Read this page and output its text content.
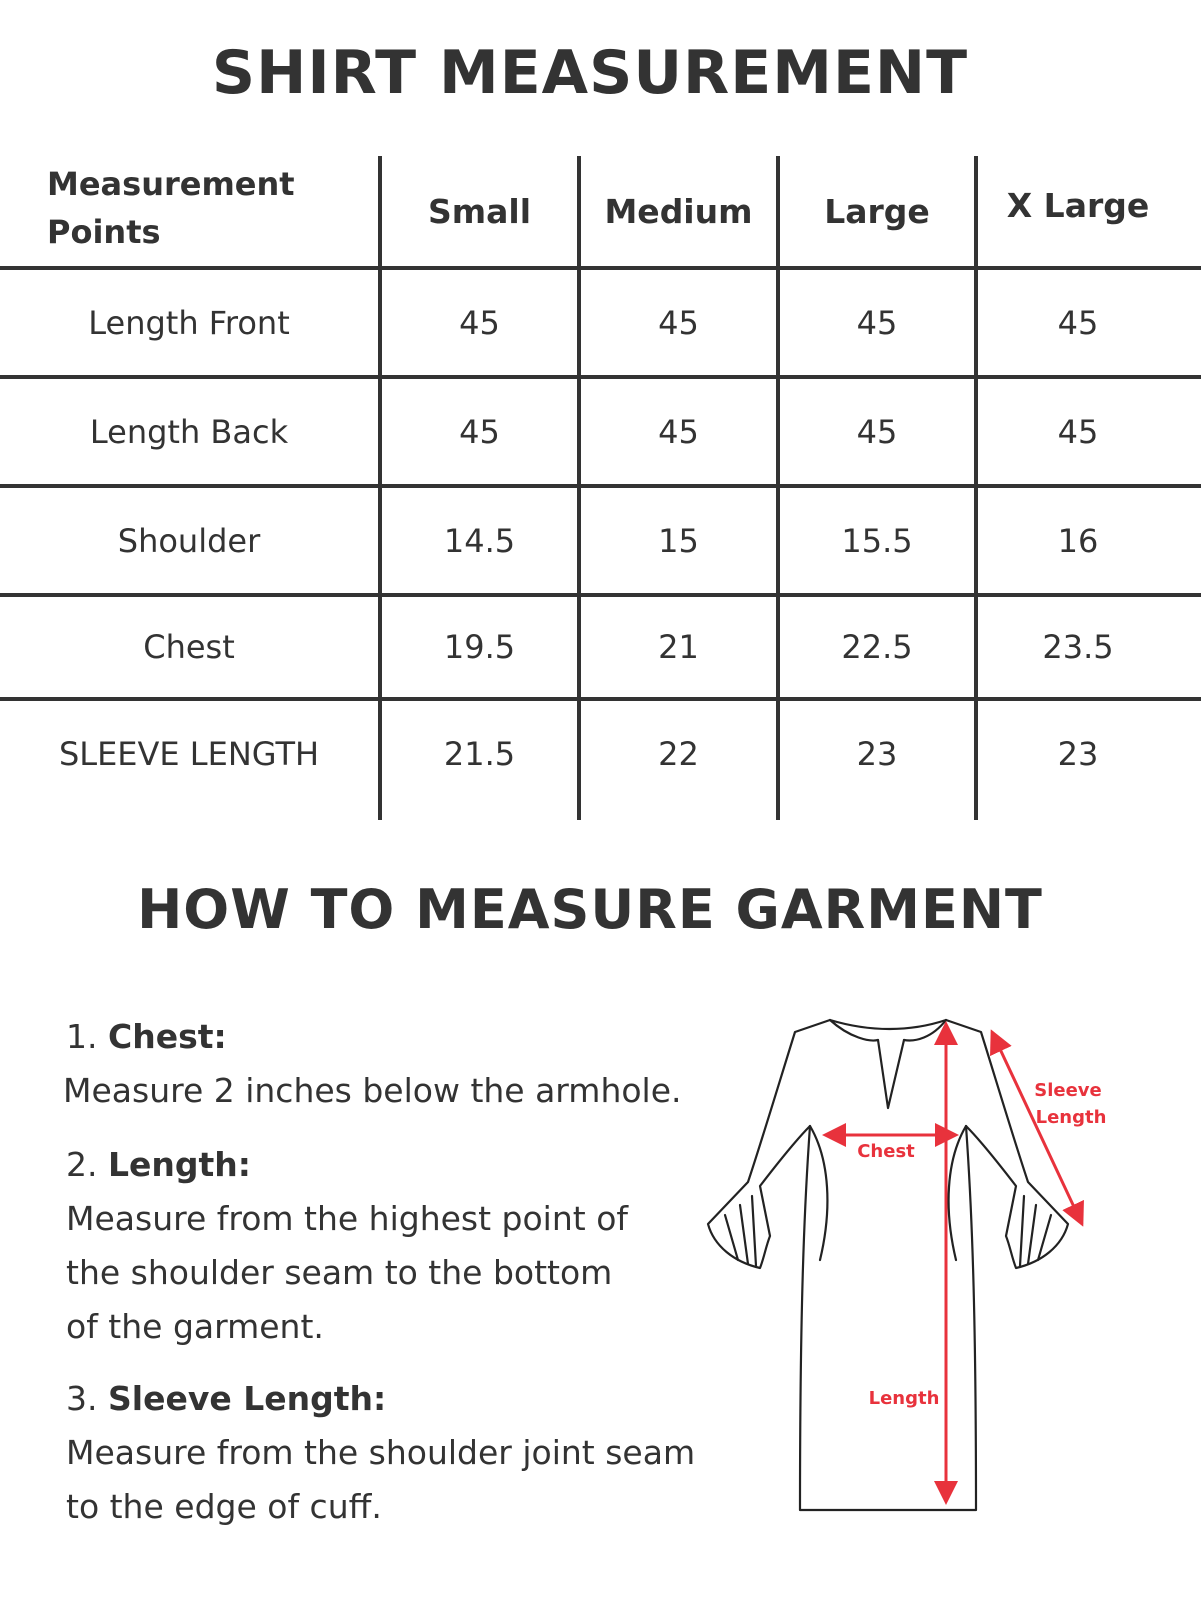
SHIRT MEASUREMENT
Measurement
Points
Small	Medium	Large	X Large
Length Front	45	45	45	45
Length Back	45	45	45	45
Shoulder	14.5	15	15.5	16
Chest	19.5	21	22.5	23.5
SLEEVE LENGTH	21.5	22	23	23
HOW TO MEASURE GARMENT
1. Chest:
Measure 2 inches below the armhole.
2. Length:
Measure from the highest point of
the shoulder seam to the bottom
of the garment.
3. Sleeve Length:
Measure from the shoulder joint seam
to the edge of cuff.
Chest
Length
Sleeve
Length
